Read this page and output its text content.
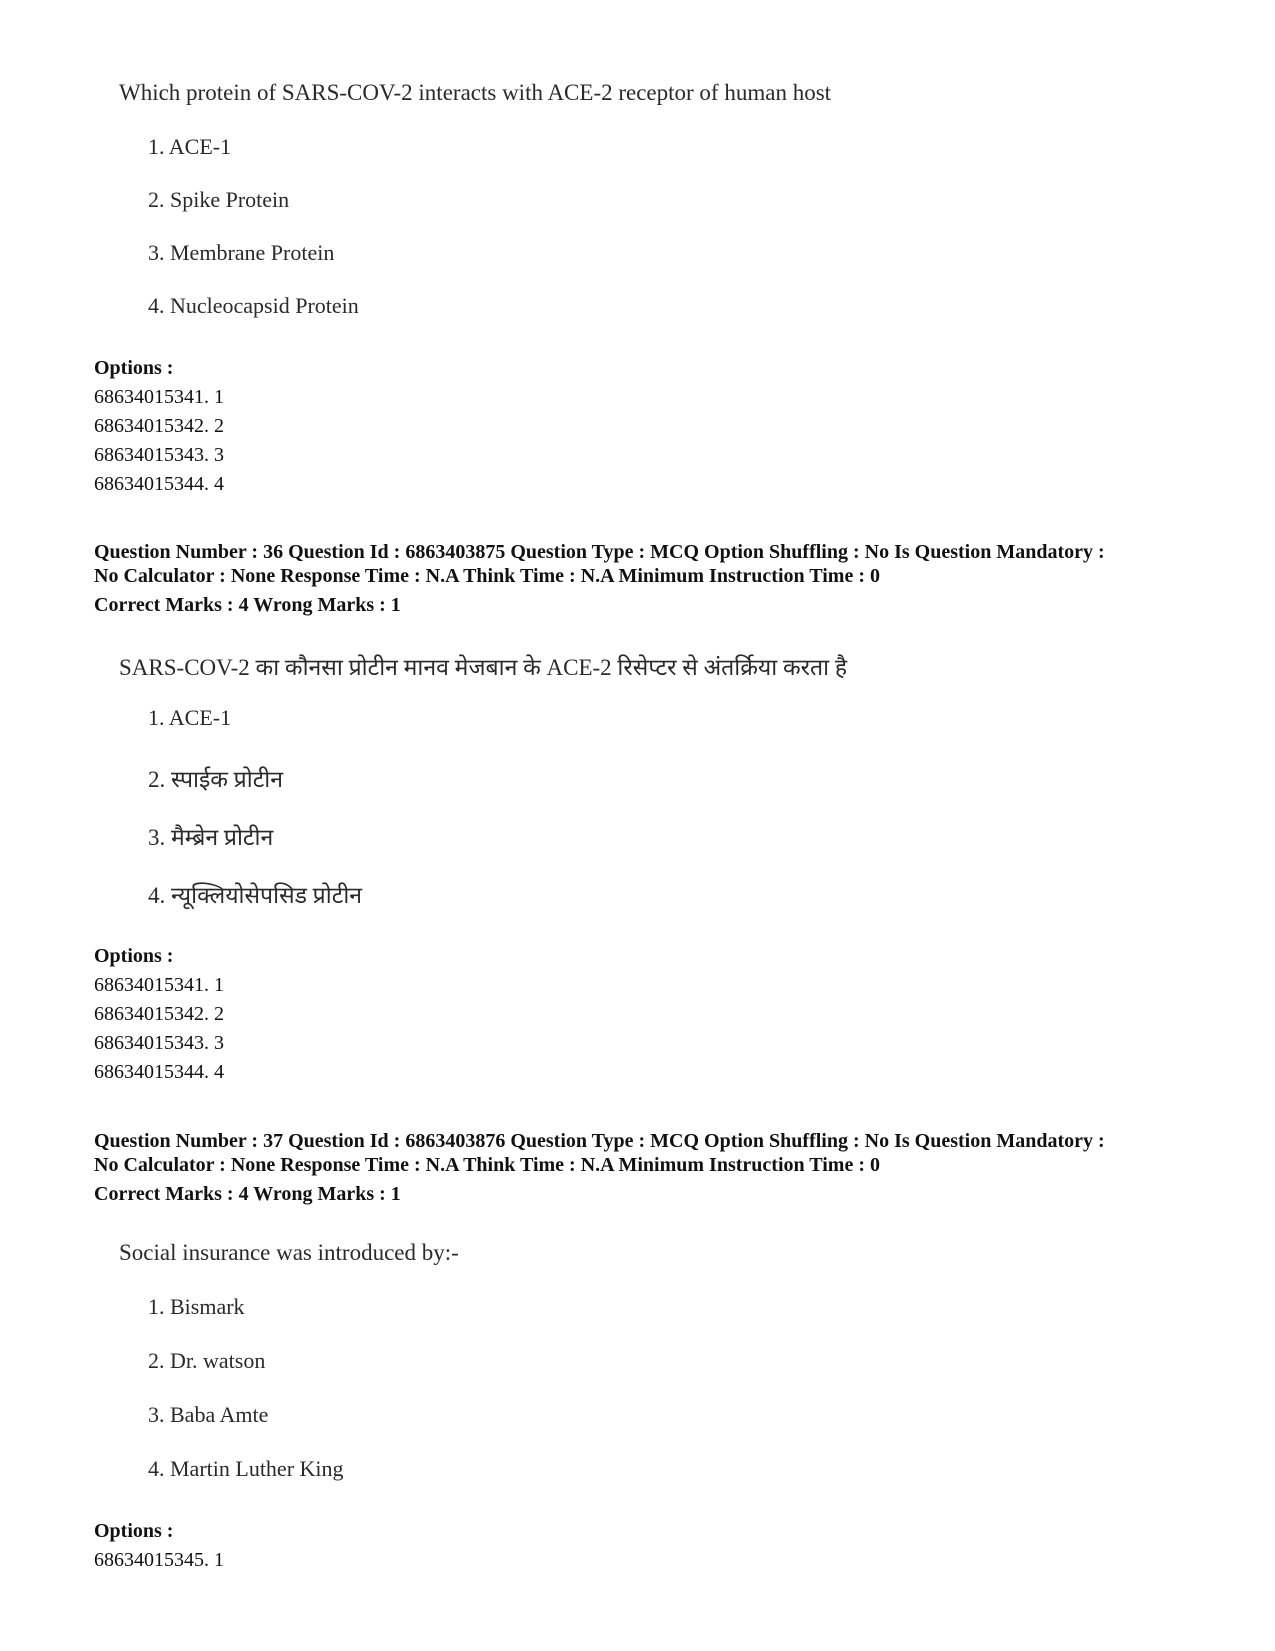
Which protein of SARS-COV-2 interacts with ACE-2 receptor of human host
1. ACE-1
2. Spike Protein
3. Membrane Protein
4. Nucleocapsid Protein
Options :
68634015341. 1
68634015342. 2
68634015343. 3
68634015344. 4
Question Number : 36 Question Id : 6863403875 Question Type : MCQ Option Shuffling : No Is Question Mandatory :
No Calculator : None Response Time : N.A Think Time : N.A Minimum Instruction Time : 0
Correct Marks : 4 Wrong Marks : 1
SARS-COV-2 का कौनसा प्रोटीन मानव मेजबान के ACE-2 रिसेप्टर से अंतर्क्रिया करता है
1. ACE-1
2. स्पाईक प्रोटीन
3. मैम्ब्रेन प्रोटीन
4. न्यूक्लियोसेपसिड प्रोटीन
Options :
68634015341. 1
68634015342. 2
68634015343. 3
68634015344. 4
Question Number : 37 Question Id : 6863403876 Question Type : MCQ Option Shuffling : No Is Question Mandatory :
No Calculator : None Response Time : N.A Think Time : N.A Minimum Instruction Time : 0
Correct Marks : 4 Wrong Marks : 1
Social insurance was introduced by:-
1. Bismark
2. Dr. watson
3. Baba Amte
4. Martin Luther King
Options :
68634015345. 1
